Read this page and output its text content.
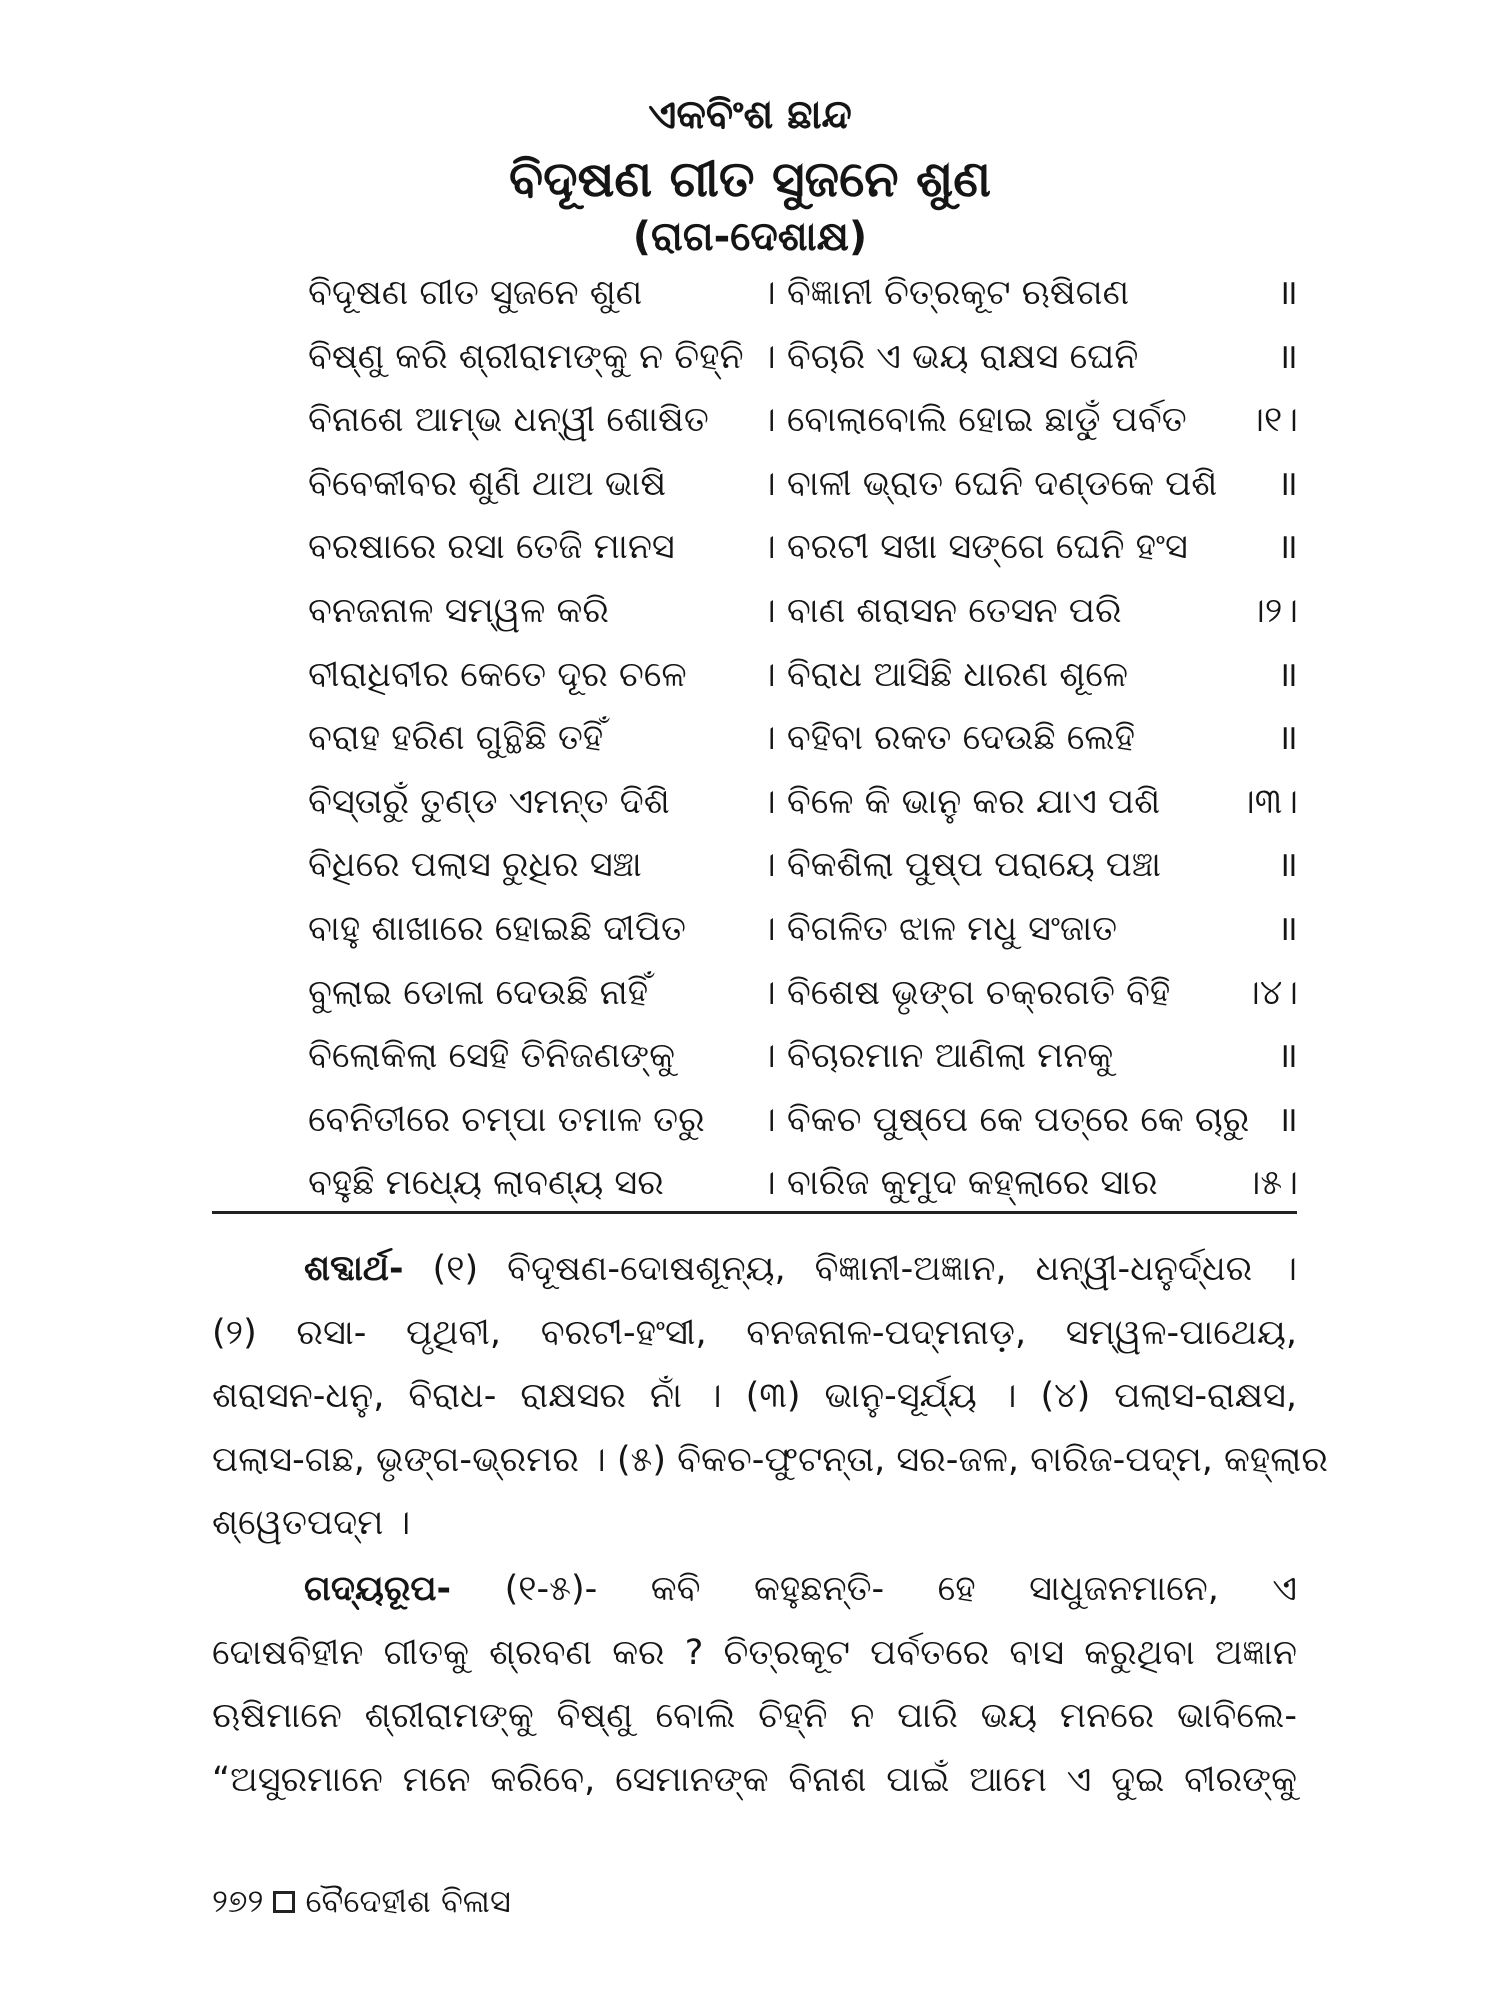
ଏକବିଂଶ ଛାନ୍ଦ
ବିଦୂଷଣ ଗୀତ ସୁଜନେ ଶୁଣ
(ରାଗ-ଦେଶାକ୍ଷ)
ବିଦୂଷଣ ଗୀତ ସୁଜନେ ଶୁଣ	। ବିଜ୍ଞାନୀ ଚିତ୍ରକୂଟ ଋଷିଗଣ	॥
ବିଷ୍ଣୁ କରି ଶ୍ରୀରାମଙ୍କୁ ନ ଚିହ୍ନି । ବିଚାରି ଏ ଭୟ ରାକ୍ଷସ ଘେନି	॥
ବିନାଶେ ଆମ୍ଭ ଧନ୍ୱୀ ଶୋଷିତ । ବୋଲାବୋଲି ହୋଇ ଛାଡ଼ୁଁ ପର୍ବତ ।୧।
ବିବେକୀବର ଶୁଣି ଥାଅ ଭାଷି	। ବାଳୀ ଭ୍ରାତ ଘେନି ଦଣ୍ଡକେ ପଶି ॥
ବରଷାରେ ରସା ତେଜି ମାନସ । ବରଟୀ ସଖା ସଙ୍ଗେ ଘେନି ହଂସ	॥
ବନଜନାଳ ସମ୍ୱଳ କରି	। ବାଣ ଶରାସନ ତେସନ ପରି	।୨।
ବୀରାଧିବୀର କେତେ ଦୂର ଚଳେ । ବିରାଧ ଆସିଛି ଧାରଣ ଶୂଳେ	॥
ବରାହ ହରିଣ ଗୁନ୍ଥିଛି ତହିଁ	। ବହିବା ରକତ ଦେଉଛି ଲେହି	॥
ବିସ୍ତାରୁଁ ତୁଣ୍ଡ ଏମନ୍ତ ଦିଶି	। ବିଳେ କି ଭାନୁ କର ଯାଏ ପଶି ।୩।
ବିଧିରେ ପଲାସ ରୁଧିର ସଞ୍ଚା	। ବିକଶିଲା ପୁଷ୍ପ ପରାୟେ ପଞ୍ଚା	॥
ବାହୁ ଶାଖାରେ ହୋଇଛି ଦୀପିତ । ବିଗଳିତ ଝାଳ ମଧୁ ସଂଜାତ	॥
ବୁଲାଇ ଡୋଳା ଦେଉଛି ନାହିଁ	। ବିଶେଷ ଭୃଙ୍ଗ ଚକ୍ରଗତି ବିହି ।୪।
ବିଲୋକିଲା ସେହି ତିନିଜଣଙ୍କୁ । ବିଚାରମାନ ଆଣିଲା ମନକୁ	॥
ବେନିତୀରେ ଚମ୍ପା ତମାଳ ତରୁ । ବିକଚ ପୁଷ୍ପେ କେ ପତ୍ରେ କେ ଚାରୁ ॥
ବହୁଛି ମଧ୍ୟେ ଲାବଣ୍ୟ ସର	। ବାରିଜ କୁମୁଦ କହ୍ଲାରେ ସାର ।୫।
ଶବ୍ଦାର୍ଥ- (୧) ବିଦୂଷଣ-ଦୋଷଶୂନ୍ୟ, ବିଜ୍ଞାନୀ-ଅଜ୍ଞାନ, ଧନ୍ୱୀ-ଧନୁର୍ଦ୍ଧର ।
(୨) ରସା- ପୃଥିବୀ, ବରଟୀ-ହଂସୀ, ବନଜନାଳ-ପଦ୍ମନାଡ଼, ସମ୍ୱଳ-ପାଥେୟ,
ଶରାସନ-ଧନୁ, ବିରାଧ- ରାକ୍ଷସର ନାଁ । (୩) ଭାନୁ-ସୂର୍ଯ୍ୟ । (୪) ପଲାସ-ରାକ୍ଷସ,
ପଲାସ-ଗଛ, ଭୃଙ୍ଗ-ଭ୍ରମର । (୫) ବିକଚ-ଫୁଟନ୍ତା, ସର-ଜଳ, ବାରିଜ-ପଦ୍ମ, କହ୍ଲାର
ଶ୍ୱେତପଦ୍ମ ।
ଗଦ୍ୟରୂପ- (୧-୫)- କବି କହୁଛନ୍ତି- ହେ ସାଧୁଜନମାନେ, ଏ
ଦୋଷବିହୀନ ଗୀତକୁ ଶ୍ରବଣ କର ? ଚିତ୍ରକୂଟ ପର୍ବତରେ ବାସ କରୁଥିବା ଅଜ୍ଞାନ
ଋଷିମାନେ ଶ୍ରୀରାମଙ୍କୁ ବିଷ୍ଣୁ ବୋଲି ଚିହ୍ନି ନ ପାରି ଭୟ ମନରେ ଭାବିଲେ-
“ଅସୁରମାନେ ମନେ କରିବେ, ସେମାନଙ୍କ ବିନାଶ ପାଇଁ ଆମେ ଏ ଦୁଇ ବୀରଙ୍କୁ
୨୭୨ ବୈଦେହୀଶ ବିଳାସ
